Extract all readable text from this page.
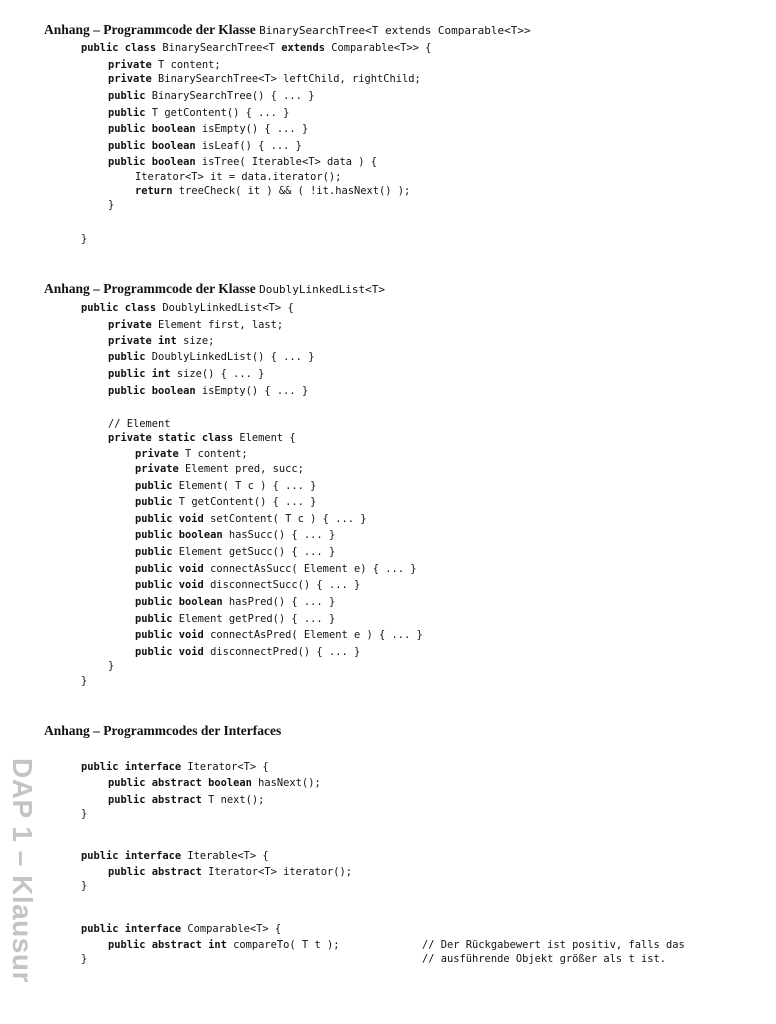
DAP 1 – Klausur
Anhang – Programmcode der Klasse BinarySearchTree<T extends Comparable<T>>
public class BinarySearchTree<T extends Comparable<T>> {
private T content;
private BinarySearchTree<T> leftChild, rightChild;
public BinarySearchTree() { ... }
public T getContent() { ... }
public boolean isEmpty() { ... }
public boolean isLeaf() { ... }
public boolean isTree( Iterable<T> data ) {
Iterator<T> it = data.iterator();
return treeCheck( it ) && ( !it.hasNext() );
}
}
Anhang – Programmcode der Klasse DoublyLinkedList<T>
public class DoublyLinkedList<T> {
private Element first, last;
private int size;
public DoublyLinkedList() { ... }
public int size() { ... }
public boolean isEmpty() { ... }
// Element
private static class Element {
private T content;
private Element pred, succ;
public Element( T c ) { ... }
public T getContent() { ... }
public void setContent( T c ) { ... }
public boolean hasSucc() { ... }
public Element getSucc() { ... }
public void connectAsSucc( Element e) { ... }
public void disconnectSucc() { ... }
public boolean hasPred() { ... }
public Element getPred() { ... }
public void connectAsPred( Element e ) { ... }
public void disconnectPred() { ... }
}
}
Anhang – Programmcodes der Interfaces
public interface Iterator<T> {
public abstract boolean hasNext();
public abstract T next();
}
public interface Iterable<T> {
public abstract Iterator<T> iterator();
}
public interface Comparable<T> {
public abstract int compareTo( T t );
}
// Der Rückgabewert ist positiv, falls das
// ausführende Objekt größer als t ist.
